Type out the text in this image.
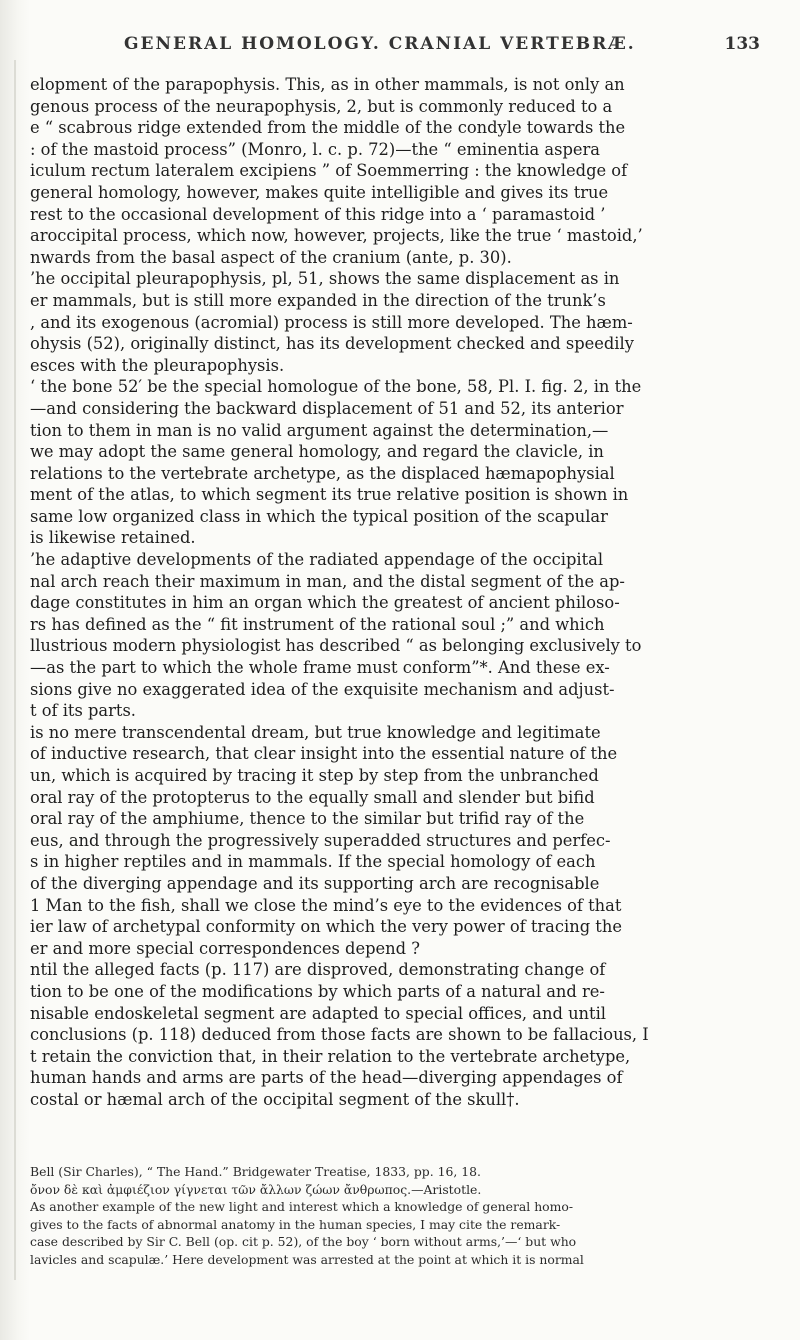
GENERAL HOMOLOGY. CRANIAL VERTEBRÆ.	133
elopment of the parapophysis. This, as in other mammals, is not only an
genous process of the neurapophysis, 2, but is commonly reduced to a
e “ scabrous ridge extended from the middle of the condyle towards the
: of the mastoid process” (Monro, l. c. p. 72)—the “ eminentia aspera
iculum rectum lateralem excipiens ” of Soemmerring : the knowledge of
general homology, however, makes quite intelligible and gives its true
rest to the occasional development of this ridge into a ‘ paramastoid ’
aroccipital process, which now, however, projects, like the true ‘ mastoid,’
nwards from the basal aspect of the cranium (ante, p. 30).
’he occipital pleurapophysis, pl, 51, shows the same displacement as in
er mammals, but is still more expanded in the direction of the trunk’s
, and its exogenous (acromial) process is still more developed. The hæm-
ohysis (52), originally distinct, has its development checked and speedily
esces with the pleurapophysis.
‘ the bone 52′ be the special homologue of the bone, 58, Pl. I. fig. 2, in the
—and considering the backward displacement of 51 and 52, its anterior
tion to them in man is no valid argument against the determination,—
we may adopt the same general homology, and regard the clavicle, in
relations to the vertebrate archetype, as the displaced hæmapophysial
ment of the atlas, to which segment its true relative position is shown in
same low organized class in which the typical position of the scapular
is likewise retained.
’he adaptive developments of the radiated appendage of the occipital
nal arch reach their maximum in man, and the distal segment of the ap-
dage constitutes in him an organ which the greatest of ancient philoso-
rs has defined as the “ fit instrument of the rational soul ;” and which
llustrious modern physiologist has described “ as belonging exclusively to
—as the part to which the whole frame must conform”*. And these ex-
sions give no exaggerated idea of the exquisite mechanism and adjust-
t of its parts.
is no mere transcendental dream, but true knowledge and legitimate
of inductive research, that clear insight into the essential nature of the
un, which is acquired by tracing it step by step from the unbranched
oral ray of the protopterus to the equally small and slender but bifid
oral ray of the amphiume, thence to the similar but trifid ray of the
eus, and through the progressively superadded structures and perfec-
s in higher reptiles and in mammals. If the special homology of each
of the diverging appendage and its supporting arch are recognisable
1 Man to the fish, shall we close the mind’s eye to the evidences of that
ier law of archetypal conformity on which the very power of tracing the
er and more special correspondences depend ?
ntil the alleged facts (p. 117) are disproved, demonstrating change of
tion to be one of the modifications by which parts of a natural and re-
nisable endoskeletal segment are adapted to special offices, and until
conclusions (p. 118) deduced from those facts are shown to be fallacious, I
t retain the conviction that, in their relation to the vertebrate archetype,
human hands and arms are parts of the head—diverging appendages of
costal or hæmal arch of the occipital segment of the skull†.
Bell (Sir Charles), “ The Hand.” Bridgewater Treatise, 1833, pp. 16, 18.
ὄνον δὲ καὶ ἀμφιέζιον γίγνεται τῶν ἄλλων ζώων ἄνθρωπος.—Aristotle.
As another example of the new light and interest which a knowledge of general homo-
gives to the facts of abnormal anatomy in the human species, I may cite the remark-
case described by Sir C. Bell (op. cit p. 52), of the boy ‘ born without arms,’—‘ but who
lavicles and scapulæ.’ Here development was arrested at the point at which it is normal
